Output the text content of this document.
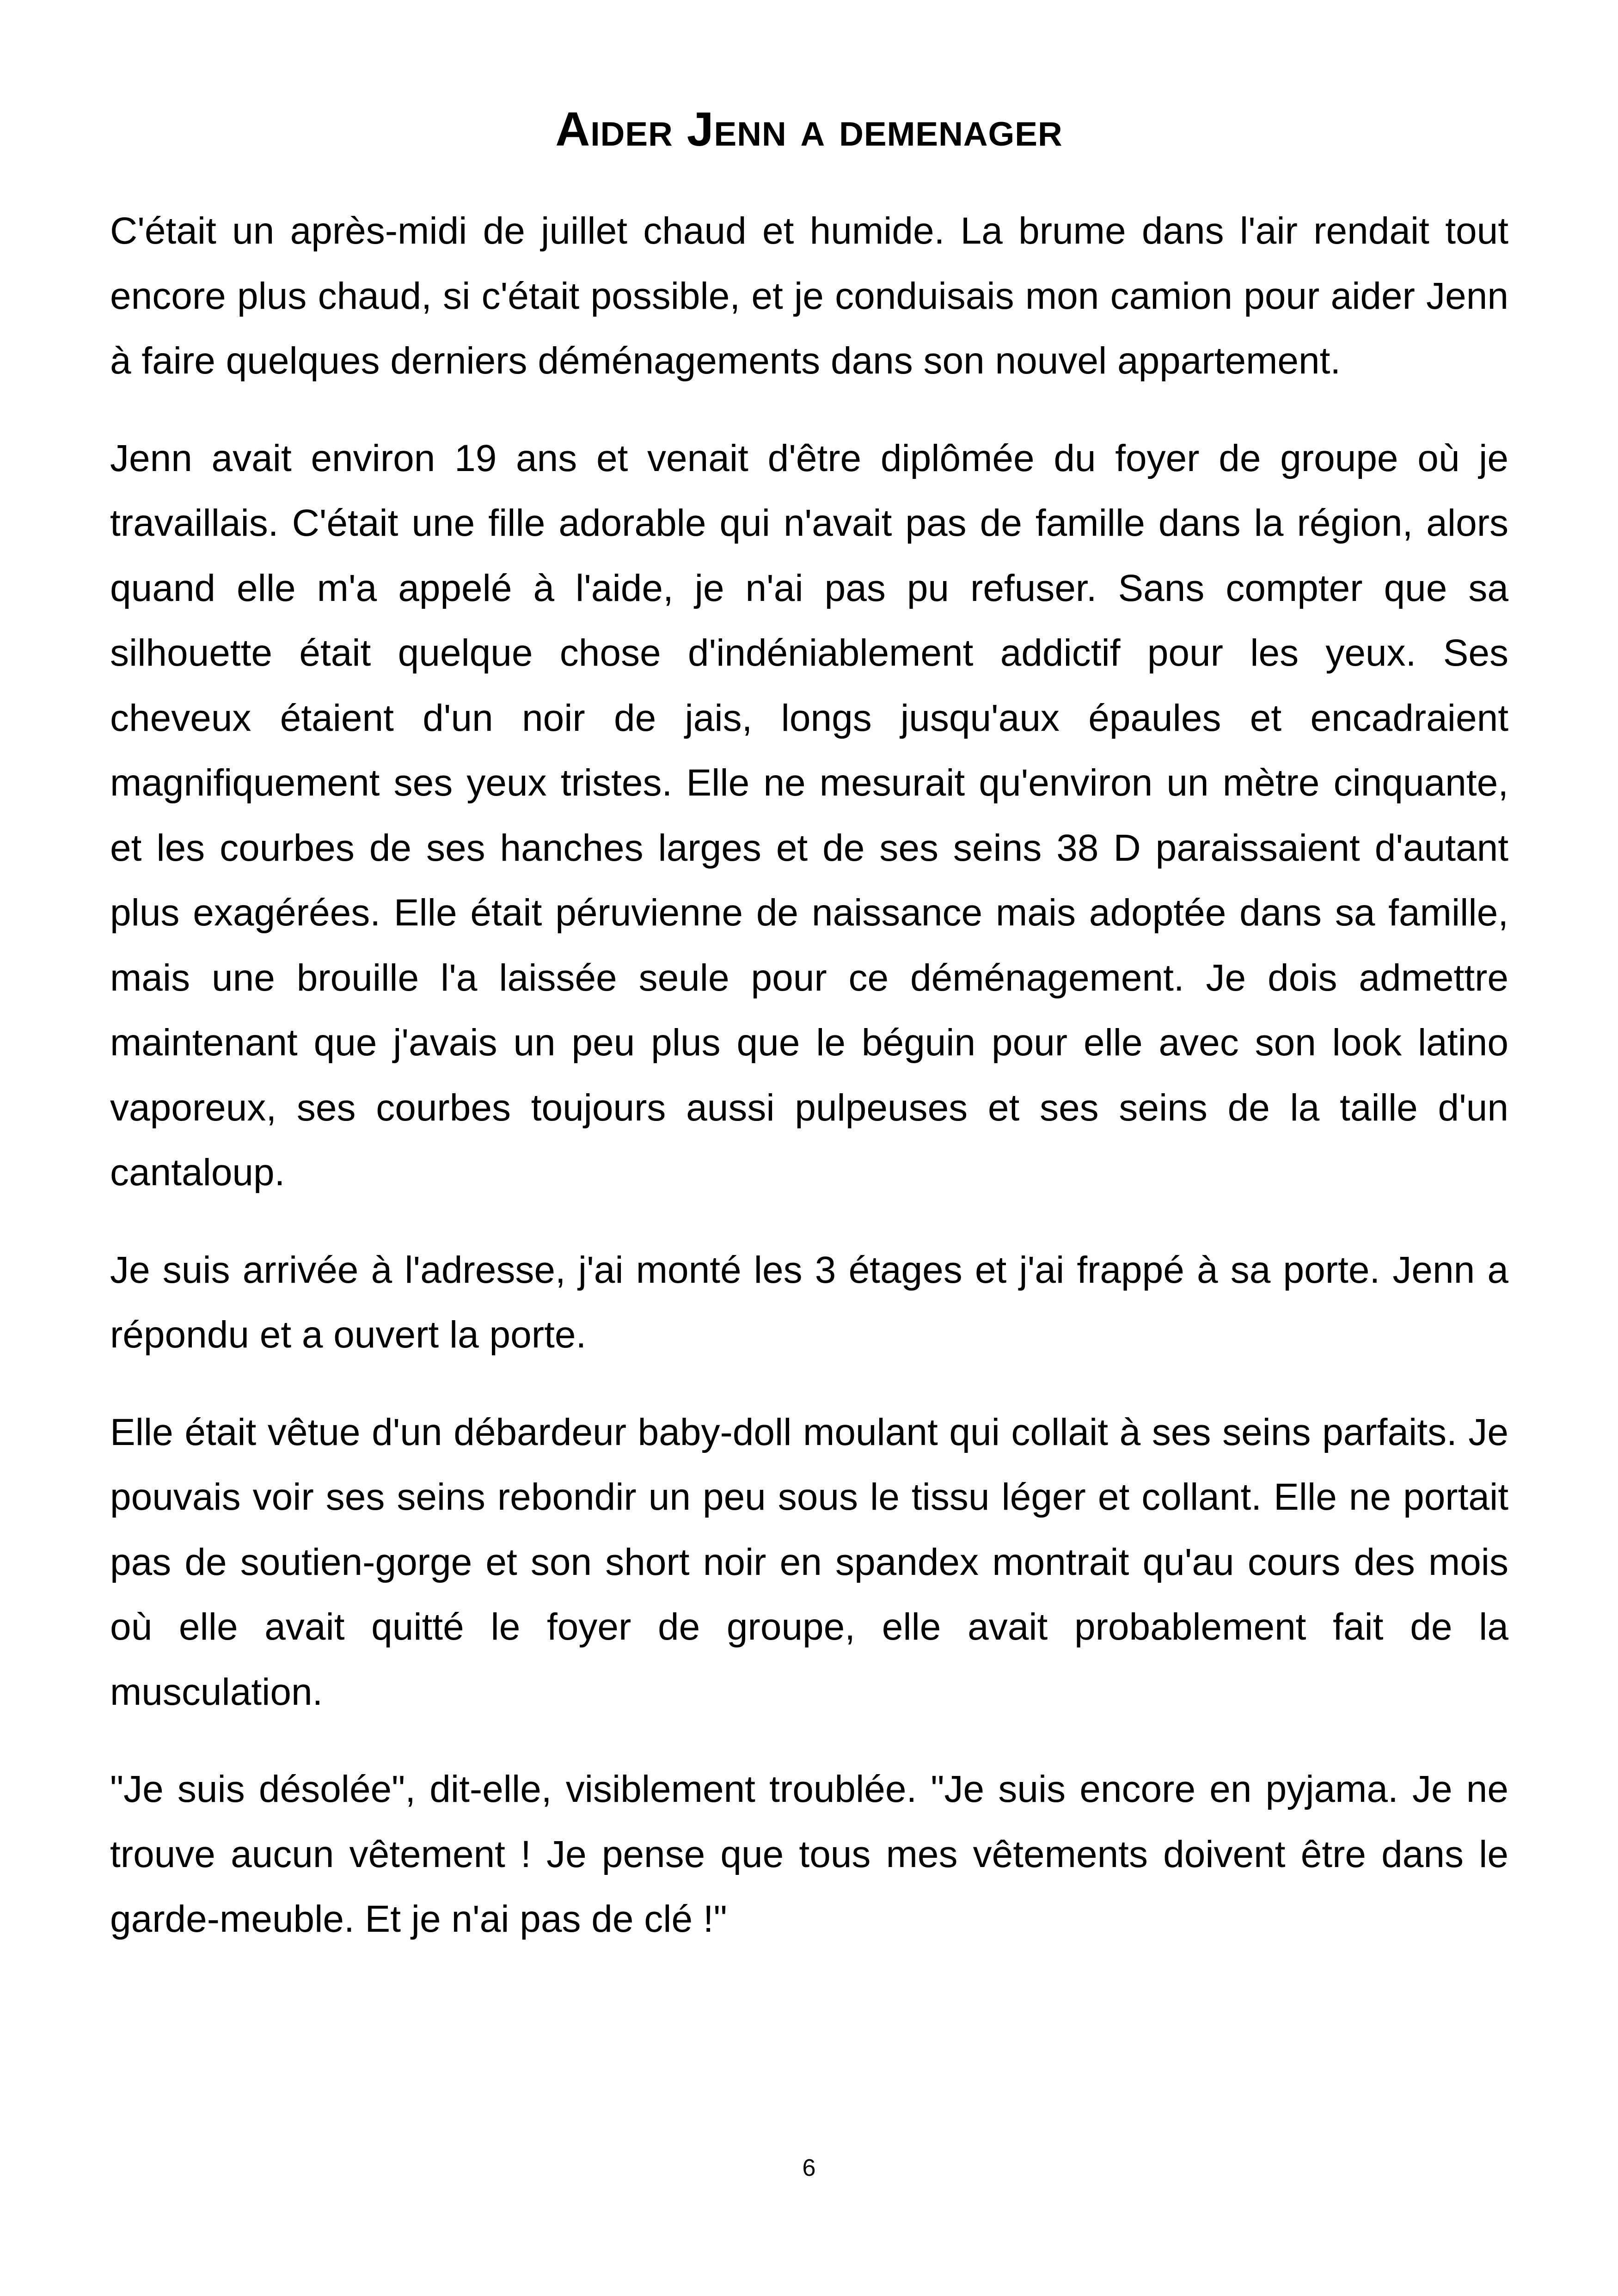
Aider Jenn a demenager

C'était un après-midi de juillet chaud et humide. La brume dans l'air rendait tout encore plus chaud, si c'était possible, et je conduisais mon camion pour aider Jenn à faire quelques derniers déménagements dans son nouvel appartement.

Jenn avait environ 19 ans et venait d'être diplômée du foyer de groupe où je travaillais. C'était une fille adorable qui n'avait pas de famille dans la région, alors quand elle m'a appelé à l'aide, je n'ai pas pu refuser. Sans compter que sa silhouette était quelque chose d'indéniablement addictif pour les yeux. Ses cheveux étaient d'un noir de jais, longs jusqu'aux épaules et encadraient magnifiquement ses yeux tristes. Elle ne mesurait qu'environ un mètre cinquante, et les courbes de ses hanches larges et de ses seins 38 D paraissaient d'autant plus exagérées. Elle était péruvienne de naissance mais adoptée dans sa famille, mais une brouille l'a laissée seule pour ce déménagement. Je dois admettre maintenant que j'avais un peu plus que le béguin pour elle avec son look latino vaporeux, ses courbes toujours aussi pulpeuses et ses seins de la taille d'un cantaloup.

Je suis arrivée à l'adresse, j'ai monté les 3 étages et j'ai frappé à sa porte. Jenn a répondu et a ouvert la porte.

Elle était vêtue d'un débardeur baby-doll moulant qui collait à ses seins parfaits. Je pouvais voir ses seins rebondir un peu sous le tissu léger et collant. Elle ne portait pas de soutien-gorge et son short noir en spandex montrait qu'au cours des mois où elle avait quitté le foyer de groupe, elle avait probablement fait de la musculation.

"Je suis désolée", dit-elle, visiblement troublée. "Je suis encore en pyjama. Je ne trouve aucun vêtement ! Je pense que tous mes vêtements doivent être dans le garde-meuble. Et je n'ai pas de clé !"

6
